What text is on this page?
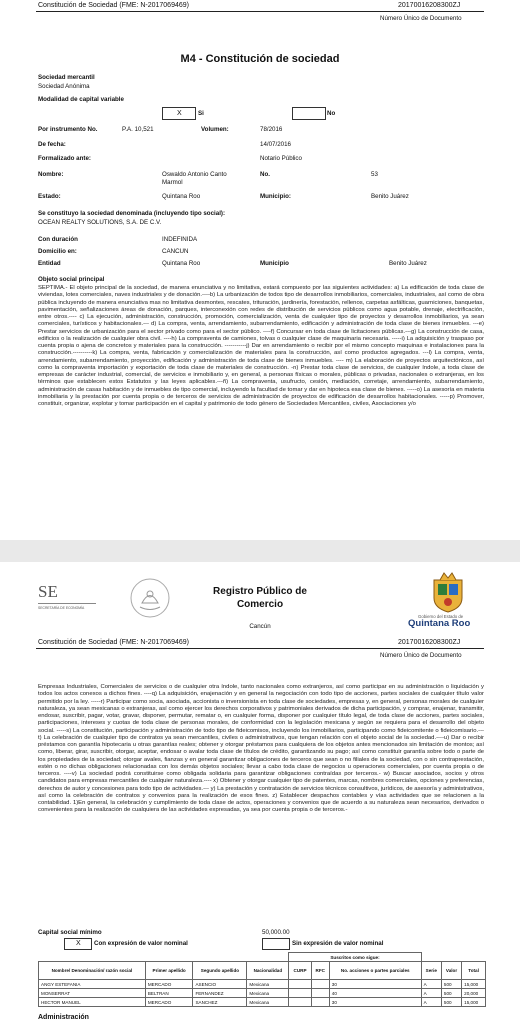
Constitución de Sociedad (FME: N-2017069469)	20170016208300ZJ
Número Único de Documento
M4 - Constitución de sociedad
Sociedad mercantil
Sociedad Anónima
Modalidad de capital variable
X	Si	No
Por instrumento No.	P.A. 10,521	Volumen:	78/2016
De fecha:	14/07/2016
Formalizado ante:	Notario Público
Nombre:	Oswaldo Antonio Canto
Marmol
No.	53
Estado:	Quintana Roo	Municipio:	Benito Juárez
Se constituyo la sociedad denominada (incluyendo tipo social):
OCEAN REALTY SOLUTIONS, S.A. DE C.V.
Con duración	INDEFINIDA
Domicilio en:	CANCUN
Entidad	Quintana Roo	Municipio	Benito Juárez
Objeto social principal
SEPTIMA.- El objeto principal de la sociedad, de manera enunciativa y no limitativa, estará compuesto por las siguientes actividades: a) La edificación de toda clase de viviendas, lotes comerciales, naves industriales y de donación.----b) La urbanización de todos tipo de desarrollos inmobiliarios, comerciales, industriales, así como de obra pública incluyendo de manera enunciativa mas no limitativa desmontes, rescates, trituración, jardinería, forestación, rellenos, carpetas asfálticas, guarniciones, banquetas, pavimentación, señalizaciones áreas de donación, parques, interconexión con redes de distribución de servicios públicos como agua potable, drenaje, electrificación, entre otros.---- c) La ejecución, administración, construcción, promoción, comercialización, venta de cualquier tipo de proyectos y desarrollos inmobiliarios, ya sean comerciales, turísticos y habitacionales.--- d) La compra, venta, arrendamiento, subarrendamiento, edificación y administración de toda clase de bienes inmuebles. ---e) Prestar servicios de urbanización para el sector privado como para el sector público. ----f) Concursar en toda clase de licitaciones públicas.---g) La construcción de casa, edificios o la realización de cualquier obra civil. ----h) La compraventa de camiones, tolvas o cualquier clase de maquinaria necesaria. -----i) La adquisición y traspaso por cuenta propia o ajena de concretos y materiales para la construcción. -----------j) Dar en arrendamiento o recibir por el mismo concepto maquinas e instalaciones para la construcción.----------k) La compra, venta, fabricación y comercialización de materiales para la construcción, así como productos agregados. ---l) La compra, venta, arrendamiento, subarrendamiento, proyección, edificación y administración de toda clase de bienes inmuebles. ---- m) La elaboración de proyectos arquitectónicos, así como la compraventa importación y exportación de toda clase de materiales de construcción. -n) Prestar toda clase de servicios, de cualquier índole, a toda clase de empresas de carácter industrial, comercial, de servicios e inmobiliario y, en general, a personas físicas o morales, públicas o privadas, nacionales o extranjeras, en los términos que establecen estos Estatutos y las leyes aplicables.---ñ) La compraventa, usufructo, cesión, mediación, corretaje, arrendamiento, subarrendamiento, administración de casas habitación y de inmuebles de tipo comercial, incluyendo la facultad de tomar y dar en hipoteca esa clase de bienes. -----o) La asesoría en materia inmobiliaria y la prestación por cuenta propia o de terceros de servicios de administración de proyectos de edificación de desarrollos habitacionales. -----p) Promover, constituir, organizar, explotar y tomar participación en el capital y patrimonio de todo género de Sociedades Mercantiles, civiles, Asociaciones y/o
SE
SECRETARÍA DE ECONOMÍA
Registro Público de
Comercio
Cancún
Gobierno del Estado de
Quintana Roo
Constitución de Sociedad (FME: N-2017069469)	20170016208300ZJ
Número Único de Documento
Empresas Industriales, Comerciales de servicios o de cualquier otra índole, tanto nacionales como extranjeros, así como participar en su administración o liquidación y todos los actos conexos a dichos fines. ----q) La adquisición, enajenación y en general la negociación con todo tipo de acciones, partes sociales de cualquier título valor permitido por la ley. -----r) Participar como socia, asociada, accionista o inversionista en toda clase de sociedades, empresas y, en general, personas morales de cualquier naturaleza, ya sean mexicanas o extranjeras, así como ejercer los derechos corporativos y patrimoniales derivados de dicha participación, y comprar, enajenar, transmitir, endosar, suscribir, pagar, votar, gravar, disponer, permutar, rematar o, en cualquier forma, disponer por cualquier título legal, de toda clase de acciones, partes sociales, participaciones, intereses y cuotas de toda clase de personas morales, de conformidad con la legislación mexicana y según se requiera para el desarrollo del objeto social. -----s) La constitución, participación y administración de todo tipo de fideicomisos, incluyendo los inmobiliarios, participando como fideicomitente o fideicomisario.---t) La celebración de cualquier tipo de contratos ya sean mercantiles, civiles o administrativos, que tengan relación con el objeto social de la sociedad.----u) Dar o recibir préstamos con garantía hipotecaria u otras garantías reales; obtener y otorgar préstamos para cualquiera de los objetos antes mencionados sin limitación de montos; así como, liberar, girar, suscribir, otorgar, aceptar, endosar o avalar toda clase de títulos de crédito, garantizando su pago; así como constituir garantía sobre todo o parte de los propiedades de la sociedad; otorgar avales, fianzas y en general garantizar obligaciones de terceros que sean o no filiales de la sociedad, con o sin contraprestación, estén o no dichas obligaciones relacionadas con los demás objetos sociales; llevar a cabo toda clase de negocios u operaciones comerciales, por cuenta propia o de terceros. ----v) La sociedad podrá constituirse como obligada solidaria para garantizar obligaciones contraídas por terceros.- w) Buscar asociados, socios y otros candidatos para empresas mercantiles de cualquier naturaleza.---- x) Obtener y otorgar cualquier tipo de patentes, marcas, nombres comerciales, opciones y preferencias, derechos de autor y concesiones para todo tipo de actividades.--- y) La prestación y contratación de servicios técnicos consultivos, jurídicos, de asesoría y administrativos, así como la celebración de contratos y convenios para la realización de esos fines. z) Establecer despachos contables y vías actividades que se relacionen a la contabilidad. 1)En general, la celebración y cumplimiento de toda clase de actos, operaciones y convenios que de acuerdo a su naturaleza sean necesarios, derivados o convenientes para la realización de cualquiera de las actividades expresadas, ya sea por cuenta propia o de terceros.-
Capital social mínimo	50,000.00
X Con expresión de valor nominal	Sin expresión de valor nominal
				Suscritos como sigue:					
Nombre/ Denominación/ razón social	Primer apellido	Segundo apellido	Nacionalidad	CURP	RFC	No. acciones o partes parciales	Serie	Valor	Total
ANGY ESTEFANIA	MERCADO	ASENCIO	Mexicana			30	A	500	15,000
MONSERRAT	BELTRAN	FERNANDEZ	Mexicana			40	A	500	20,000
HECTOR MANUEL	MERCADO	SANCHEZ	Mexicana			30	A	500	15,000
Administración
